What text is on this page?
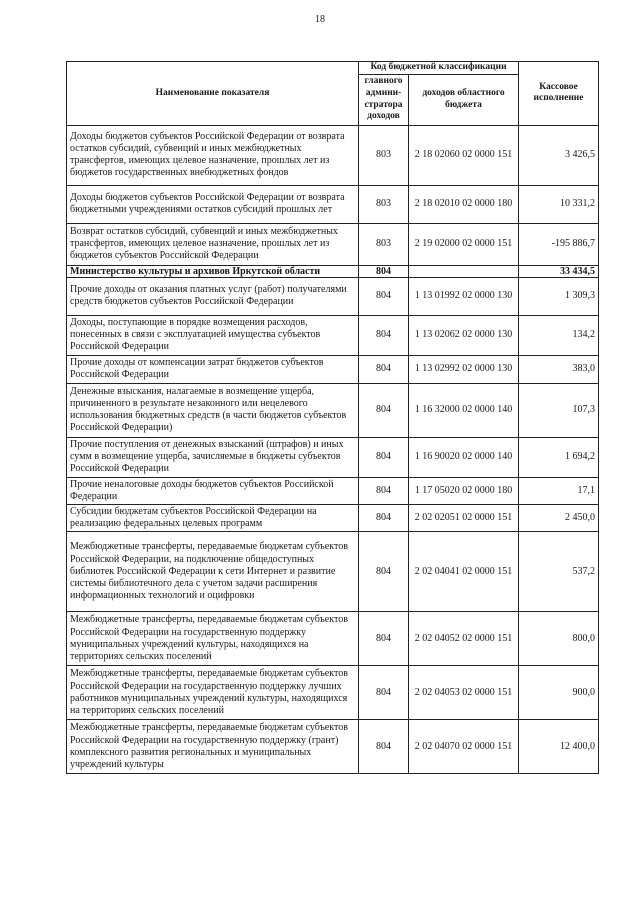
18
Наименование показателя	Код бюджетной классификации		Кассовое исполнение
	главного админи-стратора доходов	доходов областного бюджета	
Доходы бюджетов субъектов Российской Федерации от возврата остатков субсидий, субвенций и иных межбюджетных трансфертов, имеющих целевое назначение, прошлых лет из бюджетов государственных внебюджетных фондов	803	2 18 02060 02 0000 151	3 426,5
Доходы бюджетов субъектов Российской Федерации от возврата бюджетными учреждениями остатков субсидий прошлых лет	803	2 18 02010 02 0000 180	10 331,2
Возврат остатков субсидий, субвенций и иных межбюджетных трансфертов, имеющих целевое назначение, прошлых лет из бюджетов субъектов Российской Федерации	803	2 19 02000 02 0000 151	-195 886,7
Министерство культуры и архивов Иркутской области	804		33 434,5
Прочие доходы от оказания платных услуг (работ) получателями средств бюджетов субъектов Российской Федерации	804	1 13 01992 02 0000 130	1 309,3
Доходы, поступающие в порядке возмещения расходов, понесенных в связи с эксплуатацией имущества субъектов Российской Федерации	804	1 13 02062 02 0000 130	134,2
Прочие доходы от компенсации затрат бюджетов субъектов Российской Федерации	804	1 13 02992 02 0000 130	383,0
Денежные взыскания, налагаемые в возмещение ущерба, причиненного в результате незаконного или нецелевого использования бюджетных средств (в части бюджетов субъектов Российской Федерации)	804	1 16 32000 02 0000 140	107,3
Прочие поступления от денежных взысканий (штрафов) и иных сумм в возмещение ущерба, зачисляемые в бюджеты субъектов Российской Федерации	804	1 16 90020 02 0000 140	1 694,2
Прочие неналоговые доходы бюджетов субъектов Российской Федерации	804	1 17 05020 02 0000 180	17,1
Субсидии бюджетам субъектов Российской Федерации на реализацию федеральных целевых программ	804	2 02 02051 02 0000 151	2 450,0
Межбюджетные трансферты, передаваемые бюджетам субъектов Российской Федерации, на подключение общедоступных библиотек Российской Федерации к сети Интернет и развитие системы библиотечного дела с учетом задачи расширения информационных технологий и оцифровки	804	2 02 04041 02 0000 151	537,2
Межбюджетные трансферты, передаваемые бюджетам субъектов Российской Федерации на государственную поддержку муниципальных учреждений культуры, находящихся на территориях сельских поселений	804	2 02 04052 02 0000 151	800,0
Межбюджетные трансферты, передаваемые бюджетам субъектов Российской Федерации на государственную поддержку лучших работников муниципальных учреждений культуры, находящихся на территориях сельских поселений	804	2 02 04053 02 0000 151	900,0
Межбюджетные трансферты, передаваемые бюджетам субъектов Российской Федерации на государственную поддержку (грант) комплексного развития региональных и муниципальных учреждений культуры	804	2 02 04070 02 0000 151	12 400,0
